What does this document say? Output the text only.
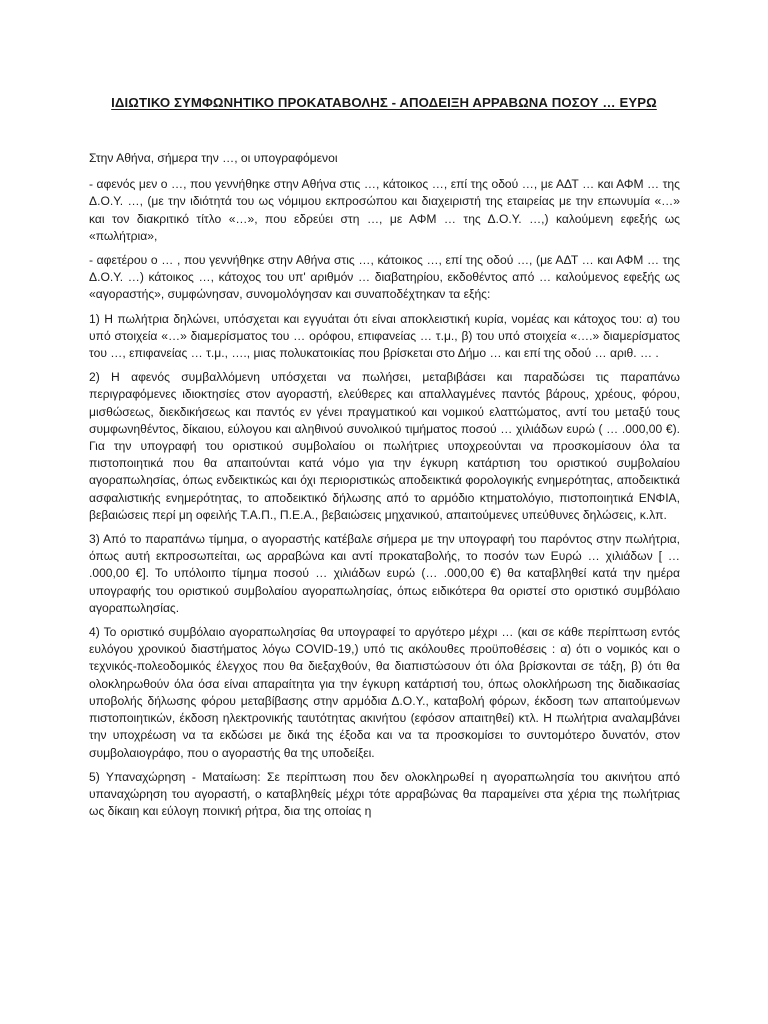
ΙΔΙΩΤΙΚΟ ΣΥΜΦΩΝΗΤΙΚΟ ΠΡΟΚΑΤΑΒΟΛΗΣ - ΑΠΟΔΕΙΞΗ ΑΡΡΑΒΩΝΑ ΠΟΣΟΥ … ΕΥΡΩ

Στην Αθήνα, σήμερα την …, οι υπογραφόμενοι

- αφενός μεν ο …, που γεννήθηκε στην Αθήνα στις …, κάτοικος …, επί της οδού …, με ΑΔΤ … και ΑΦΜ … της Δ.Ο.Υ. …, (με την ιδιότητά του ως νόμιμου εκπροσώπου και διαχειριστή της εταιρείας με την επωνυμία «…» και τον διακριτικό τίτλο «…», που εδρεύει στη …, με ΑΦΜ … της Δ.Ο.Υ. …,) καλούμενη εφεξής ως «πωλήτρια»,

- αφετέρου ο … , που γεννήθηκε στην Αθήνα στις …, κάτοικος …, επί της οδού …, (με ΑΔΤ … και ΑΦΜ … της Δ.Ο.Υ. …) κάτοικος …, κάτοχος του υπ' αριθμόν … διαβατηρίου, εκδοθέντος από … καλούμενος εφεξής ως «αγοραστής», συμφώνησαν, συνομολόγησαν και συναποδέχτηκαν τα εξής:

1) Η πωλήτρια δηλώνει, υπόσχεται και εγγυάται ότι είναι αποκλειστική κυρία, νομέας και κάτοχος του: α) του υπό στοιχεία «…» διαμερίσματος του … ορόφου, επιφανείας … τ.μ., β) του υπό στοιχεία «….» διαμερίσματος του …, επιφανείας … τ.μ., …., μιας πολυκατοικίας που βρίσκεται στο Δήμο … και επί της οδού … αριθ. … .

2) Η αφενός συμβαλλόμενη υπόσχεται να πωλήσει, μεταβιβάσει και παραδώσει τις παραπάνω περιγραφόμενες ιδιοκτησίες στον αγοραστή, ελεύθερες και απαλλαγμένες παντός βάρους, χρέους, φόρου, μισθώσεως, διεκδικήσεως και παντός εν γένει πραγματικού και νομικού ελαττώματος, αντί του μεταξύ τους συμφωνηθέντος, δίκαιου, εύλογου και αληθινού συνολικού τιμήματος ποσού … χιλιάδων ευρώ ( … .000,00 €). Για την υπογραφή του οριστικού συμβολαίου οι πωλήτριες υποχρεούνται να προσκομίσουν όλα τα πιστοποιητικά που θα απαιτούνται κατά νόμο για την έγκυρη κατάρτιση του οριστικού συμβολαίου αγοραπωλησίας, όπως ενδεικτικώς και όχι περιοριστικώς αποδεικτικά φορολογικής ενημερότητας, αποδεικτικά ασφαλιστικής ενημερότητας, το αποδεικτικό δήλωσης από το αρμόδιο κτηματολόγιο, πιστοποιητικά ΕΝΦΙΑ, βεβαιώσεις περί μη οφειλής Τ.Α.Π., Π.Ε.Α., βεβαιώσεις μηχανικού, απαιτούμενες υπεύθυνες δηλώσεις, κ.λπ.

3) Από το παραπάνω τίμημα, ο αγοραστής κατέβαλε σήμερα με την υπογραφή του παρόντος στην πωλήτρια, όπως αυτή εκπροσωπείται, ως αρραβώνα και αντί προκαταβολής, το ποσόν των Ευρώ … χιλιάδων [ … .000,00 €]. Το υπόλοιπο τίμημα ποσού … χιλιάδων ευρώ (… .000,00 €) θα καταβληθεί κατά την ημέρα υπογραφής του οριστικού συμβολαίου αγοραπωλησίας, όπως ειδικότερα θα οριστεί στο οριστικό συμβόλαιο αγοραπωλησίας.

4) Το οριστικό συμβόλαιο αγοραπωλησίας θα υπογραφεί το αργότερο μέχρι … (και σε κάθε περίπτωση εντός ευλόγου χρονικού διαστήματος λόγω COVID-19,) υπό τις ακόλουθες προϋποθέσεις : α) ότι ο νομικός και ο τεχνικός-πολεοδομικός έλεγχος που θα διεξαχθούν, θα διαπιστώσουν ότι όλα βρίσκονται σε τάξη, β) ότι θα ολοκληρωθούν όλα όσα είναι απαραίτητα για την έγκυρη κατάρτισή του, όπως ολοκλήρωση της διαδικασίας υποβολής δήλωσης φόρου μεταβίβασης στην αρμόδια Δ.Ο.Υ., καταβολή φόρων, έκδοση των απαιτούμενων πιστοποιητικών, έκδοση ηλεκτρονικής ταυτότητας ακινήτου (εφόσον απαιτηθεί) κτλ. Η πωλήτρια αναλαμβάνει την υποχρέωση να τα εκδώσει με δικά της έξοδα και να τα προσκομίσει το συντομότερο δυνατόν, στον συμβολαιογράφο, που ο αγοραστής θα της υποδείξει.

5) Υπαναχώρηση - Ματαίωση: Σε περίπτωση που δεν ολοκληρωθεί η αγοραπωλησία του ακινήτου από υπαναχώρηση του αγοραστή, ο καταβληθείς μέχρι τότε αρραβώνας θα παραμείνει στα χέρια της πωλήτριας ως δίκαιη και εύλογη ποινική ρήτρα, δια της οποίας η
